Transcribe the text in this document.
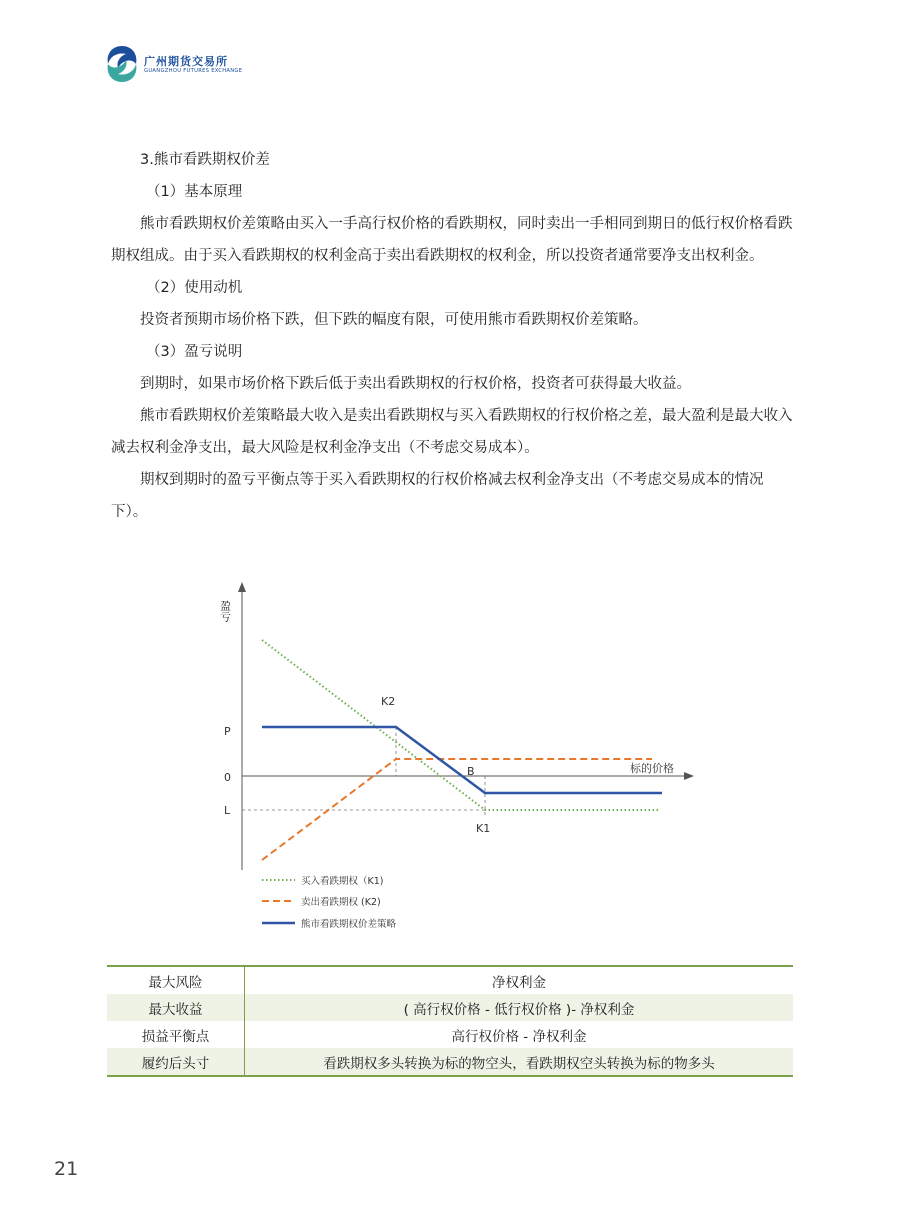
广州期货交易所
GUANGZHOU FUTURES EXCHANGE

3.熊市看跌期权价差

（1）基本原理

熊市看跌期权价差策略由买入一手高行权价格的看跌期权，同时卖出一手相同到期日的低行权价格看跌期权组成。由于买入看跌期权的权利金高于卖出看跌期权的权利金，所以投资者通常要净支出权利金。

（2）使用动机

投资者预期市场价格下跌，但下跌的幅度有限，可使用熊市看跌期权价差策略。

（3）盈亏说明

到期时，如果市场价格下跌后低于卖出看跌期权的行权价格，投资者可获得最大收益。

熊市看跌期权价差策略最大收入是卖出看跌期权与买入看跌期权的行权价格之差，最大盈利是最大收入减去权利金净支出，最大风险是权利金净支出（不考虑交易成本）。

期权到期时的盈亏平衡点等于买入看跌期权的行权价格减去权利金净支出（不考虑交易成本的情况下）。

盈亏
标的价格
P
0
L
K2
B
K1
买入看跌期权（K1)
卖出看跌期权 (K2)
熊市看跌期权价差策略
最大风险	净权利金
最大收益	( 高行权价格 - 低行权价格 )- 净权利金
损益平衡点	高行权价格 - 净权利金
履约后头寸	看跌期权多头转换为标的物空头，看跌期权空头转换为标的物多头
21
